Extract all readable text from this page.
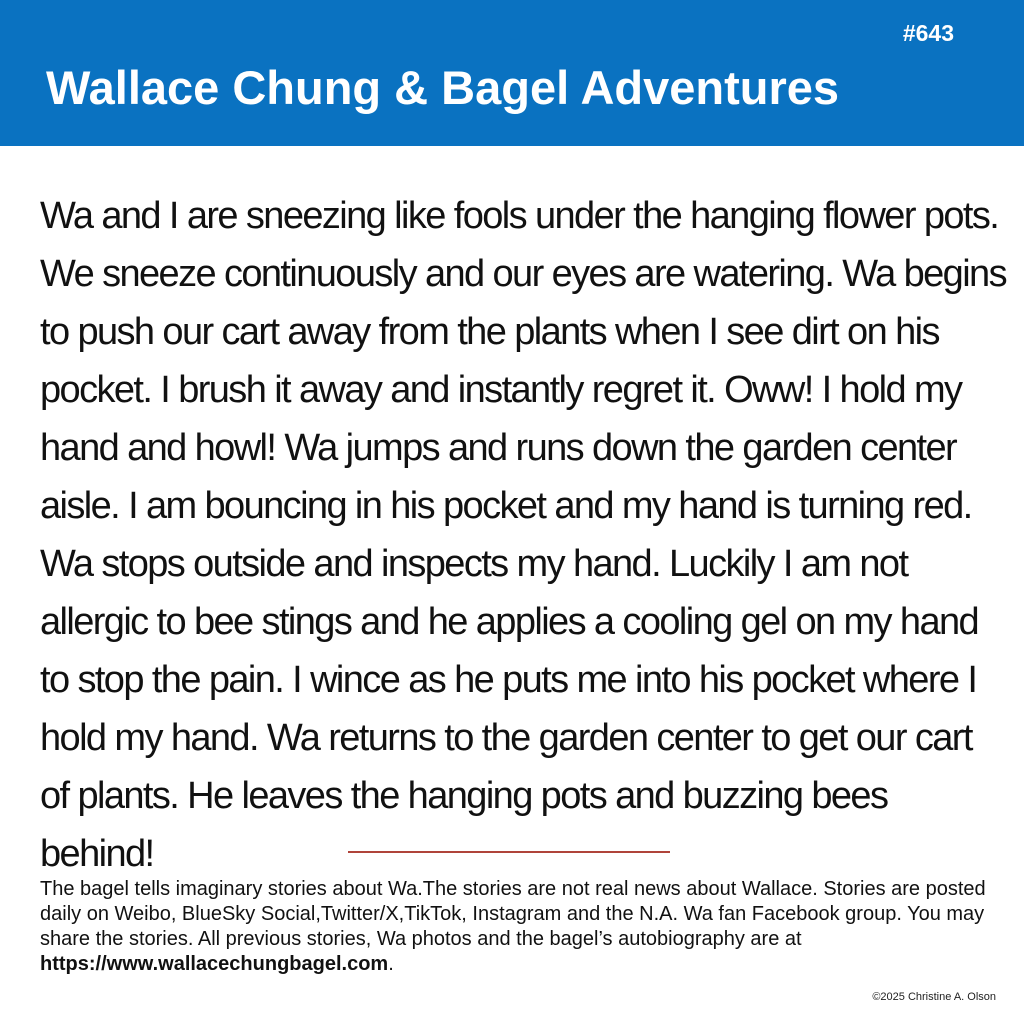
#643
Wallace Chung & Bagel Adventures
Wa and I are sneezing like fools under the hanging flower pots. We sneeze continuously and our eyes are watering. Wa begins to push our cart away from the plants when I see dirt on his pocket. I brush it away and instantly regret it. Oww! I hold my hand and howl! Wa jumps and runs down the garden center aisle. I am bouncing in his pocket and my hand is turning red. Wa stops outside and inspects my hand. Luckily I am not allergic to bee stings and he applies a cooling gel on my hand to stop the pain. I wince as he puts me into his pocket where I hold my hand. Wa returns to the garden center to get our cart of plants. He leaves the hanging pots and buzzing bees behind!
The bagel tells imaginary stories about Wa.The stories are not real news about Wallace. Stories are posted daily on Weibo, BlueSky Social,Twitter/X,TikTok, Instagram and the N.A. Wa fan Facebook group. You may share the stories. All previous stories, Wa photos and the bagel’s autobiography are at https://www.wallacechungbagel.com.
©2025 Christine A. Olson
